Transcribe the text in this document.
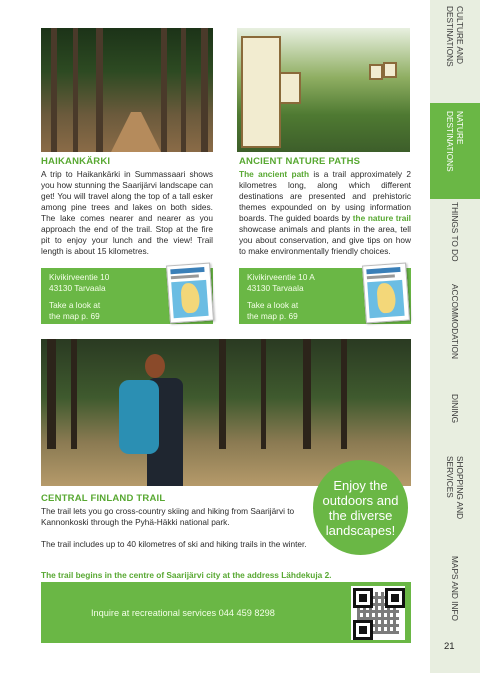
HAIKANKÄRKI
A trip to Haikankärki in Summassaari shows you how stunning the Saarijärvi landscape can get! You will travel along the top of a tall esker among pine trees and lakes on both sides. The lake comes nearer and nearer as you approach the end of the trail. Stop at the fire pit to enjoy your lunch and the view! Trail length is about 15 kilometres.
Kivikirveentie 10
43130 Tarvaala
Take a look at
the map p. 69
ANCIENT NATURE PATHS
The ancient path is a trail approximately 2 kilometres long, along which different destinations are presented and prehistoric themes expounded on by using information boards. The guided boards by the nature trail showcase animals and plants in the area, tell you about conservation, and give tips on how to make environmentally friendly choices.
Kivikirveentie 10 A
43130 Tarvaala
Take a look at
the map p. 69
Enjoy the outdoors and the diverse landscapes!
CENTRAL FINLAND TRAIL
The trail lets you go cross-country skiing and hiking from Saarijärvi to Kannonkoski through the Pyhä-Häkki national park.
The trail includes up to 40 kilometres of ski and hiking trails in the winter.
The trail begins in the centre of Saarijärvi city at the address Lähdekuja 2.
Inquire at recreational services 044 459 8298
CULTURE AND DESTINATIONS
NATURE DESTINATIONS
THINGS TO DO
ACCOMMODATION
DINING
SHOPPING AND SERVICES
MAPS AND INFO
21
